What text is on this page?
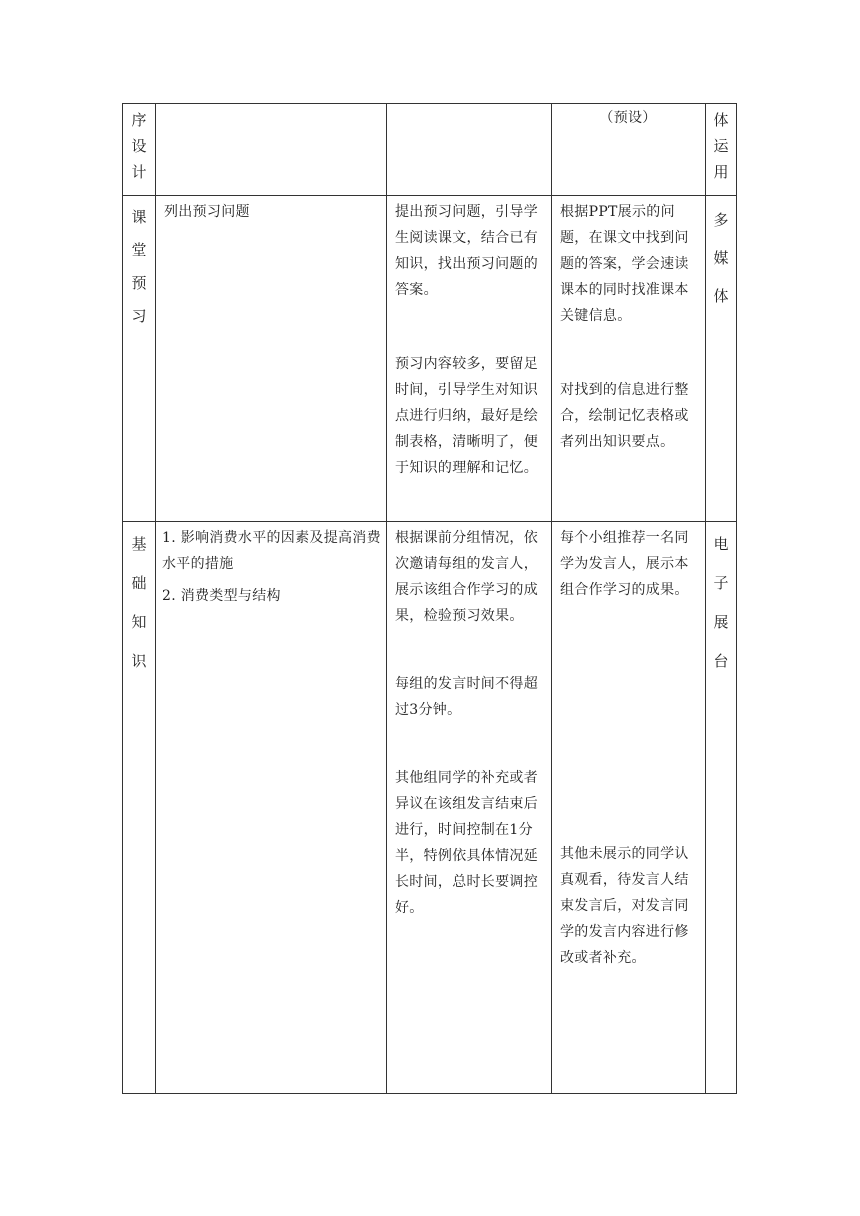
序
设
计
（预设）	体
运
用
课
堂
预
习

列出预习问题	提出预习问题，引导学生阅读课文，结合已有知识，找出预习问题的答案。

预习内容较多，要留足时间，引导学生对知识点进行归纳，最好是绘制表格，清晰明了，便于知识的理解和记忆。

根据PPT展示的问题，在课文中找到问题的答案，学会速读课本的同时找准课本关键信息。

对找到的信息进行整合，绘制记忆表格或者列出知识要点。

多
媒
体
基
础
知
识

1. 影响消费水平的因素及提高消费水平的措施

2. 消费类型与结构

根据课前分组情况，依次邀请每组的发言人，展示该组合作学习的成果，检验预习效果。

每组的发言时间不得超过3分钟。

其他组同学的补充或者异议在该组发言结束后进行，时间控制在1分半，特例依具体情况延长时间，总时长要调控好。

每个小组推荐一名同学为发言人，展示本组合作学习的成果。

其他未展示的同学认真观看，待发言人结束发言后，对发言同学的发言内容进行修改或者补充。

电
子
展
台
